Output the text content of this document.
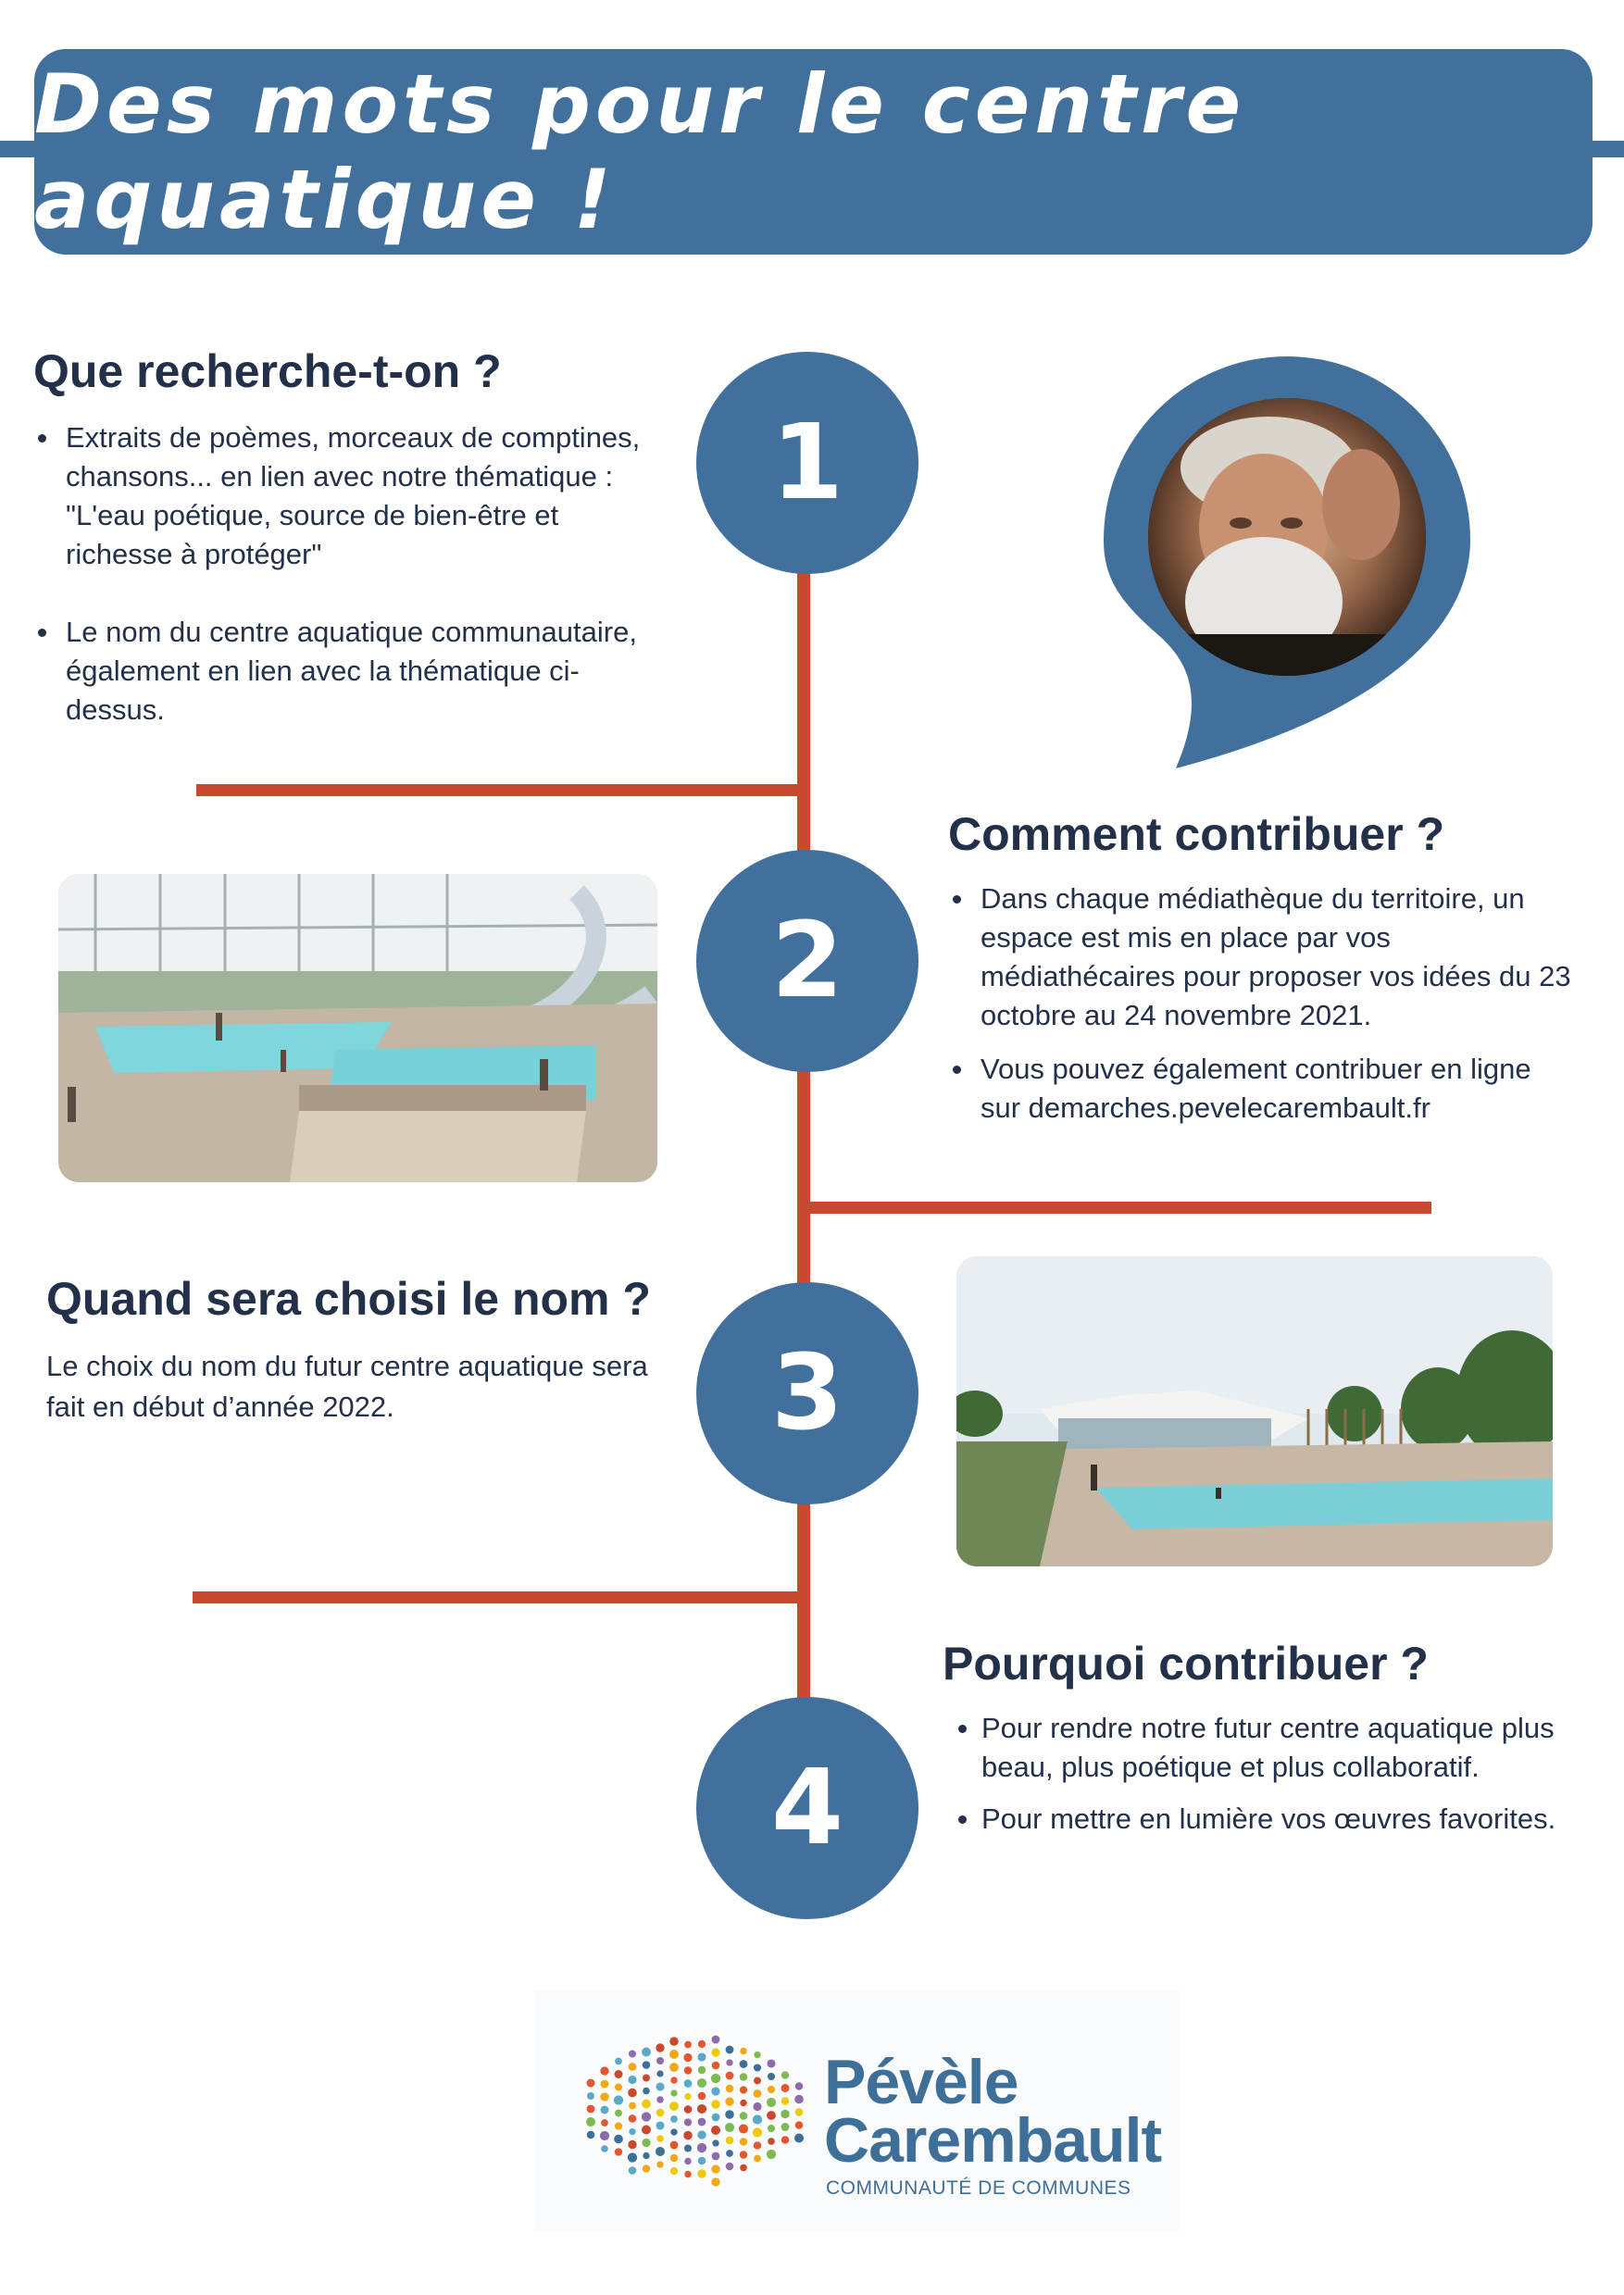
Des mots pour le centre aquatique !
1
2
3
4
Que recherche-t-on ?
Extraits de poèmes, morceaux de comptines, chansons... en lien avec notre thématique : "L'eau poétique, source de bien-être et richesse à protéger"
Le nom du centre aquatique communautaire, également en lien avec la thématique ci-dessus.
Comment contribuer ?
Dans chaque médiathèque du territoire, un espace est mis en place par vos médiathécaires pour proposer vos idées du 23 octobre au 24 novembre 2021.
Vous pouvez également contribuer en ligne sur demarches.pevelecarembault.fr
Quand sera choisi le nom ?
Le choix du nom du futur centre aquatique sera fait en début d’année 2022.
Pourquoi contribuer ?
Pour rendre notre futur centre aquatique plus beau, plus poétique et plus collaboratif.
Pour mettre en lumière vos œuvres favorites.
Pévèle
Carembault
COMMUNAUTÉ DE COMMUNES
